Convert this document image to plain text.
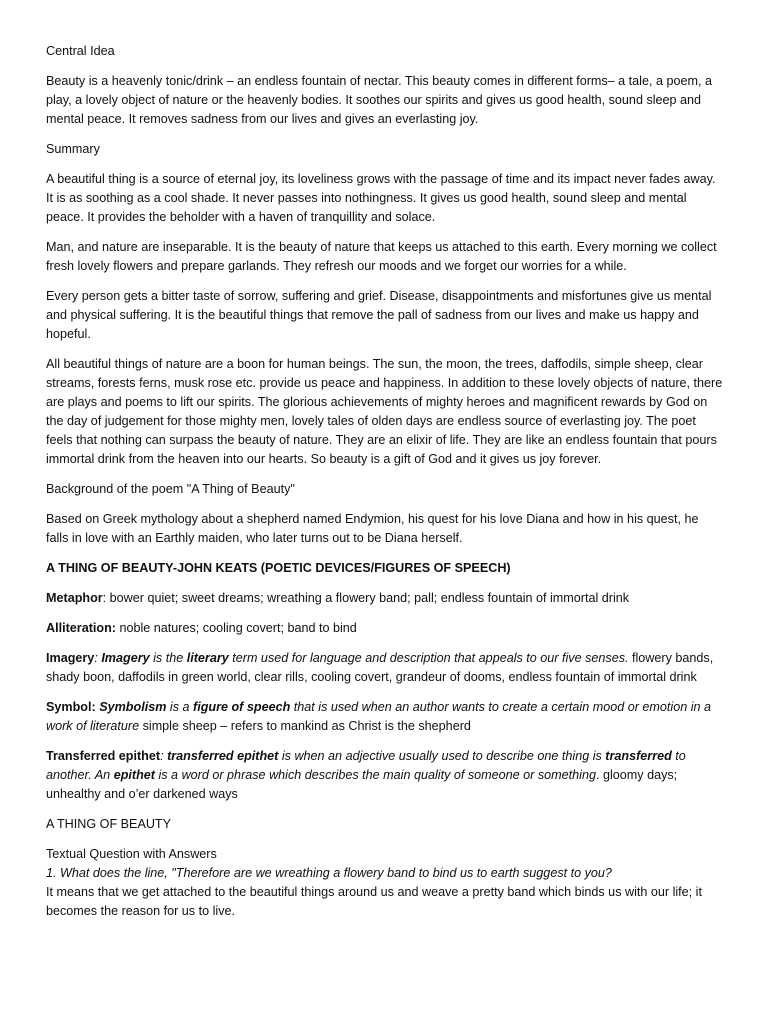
Central Idea

Beauty is a heavenly tonic/drink – an endless fountain of nectar. This beauty comes in different forms– a tale, a poem, a play, a lovely object of nature or the heavenly bodies. It soothes our spirits and gives us good health, sound sleep and mental peace. It removes sadness from our lives and gives an everlasting joy.

Summary

A beautiful thing is a source of eternal joy, its loveliness grows with the passage of time and its impact never fades away. It is as soothing as a cool shade. It never passes into nothingness. It gives us good health, sound sleep and mental peace. It provides the beholder with a haven of tranquillity and solace.

Man, and nature are inseparable. It is the beauty of nature that keeps us attached to this earth. Every morning we collect fresh lovely flowers and prepare garlands. They refresh our moods and we forget our worries for a while.

Every person gets a bitter taste of sorrow, suffering and grief. Disease, disappointments and misfortunes give us mental and physical suffering. It is the beautiful things that remove the pall of sadness from our lives and make us happy and hopeful.

All beautiful things of nature are a boon for human beings. The sun, the moon, the trees, daffodils, simple sheep, clear streams, forests ferns, musk rose etc. provide us peace and happiness. In addition to these lovely objects of nature, there are plays and poems to lift our spirits. The glorious achievements of mighty heroes and magnificent rewards by God on the day of judgement for those mighty men, lovely tales of olden days are endless source of everlasting joy. The poet feels that nothing can surpass the beauty of nature. They are an elixir of life. They are like an endless fountain that pours immortal drink from the heaven into our hearts. So beauty is a gift of God and it gives us joy forever.

Background of the poem "A Thing of Beauty"

Based on Greek mythology about a shepherd named Endymion, his quest for his love Diana and how in his quest, he falls in love with an Earthly maiden, who later turns out to be Diana herself.

A THING OF BEAUTY-JOHN KEATS (POETIC DEVICES/FIGURES OF SPEECH)

Metaphor: bower quiet; sweet dreams; wreathing a flowery band; pall; endless fountain of immortal drink

Alliteration: noble natures; cooling covert; band to bind

Imagery: Imagery is the literary term used for language and description that appeals to our five senses. flowery bands, shady boon, daffodils in green world, clear rills, cooling covert, grandeur of dooms, endless fountain of immortal drink

Symbol: Symbolism is a figure of speech that is used when an author wants to create a certain mood or emotion in a work of literature simple sheep – refers to mankind as Christ is the shepherd

Transferred epithet: transferred epithet is when an adjective usually used to describe one thing is transferred to another. An epithet is a word or phrase which describes the main quality of someone or something. gloomy days; unhealthy and o’er darkened ways

A THING OF BEAUTY

Textual Question with Answers

1. What does the line, "Therefore are we wreathing a flowery band to bind us to earth suggest to you?

It means that we get attached to the beautiful things around us and weave a pretty band which binds us with our life; it becomes the reason for us to live.
